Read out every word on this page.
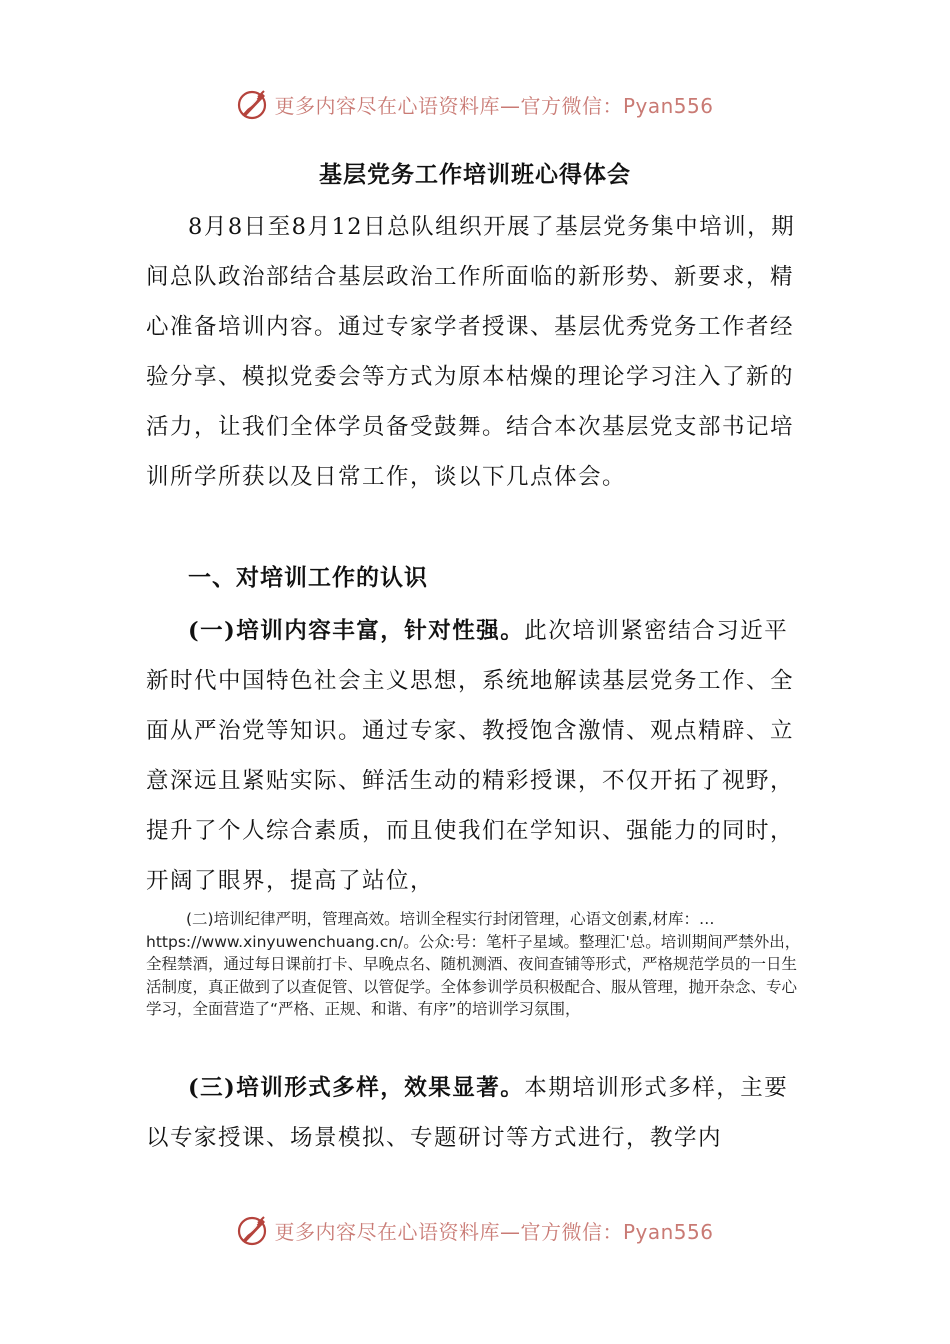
更多内容尽在心语资料库—官方微信：Pyan556
基层党务工作培训班心得体会

8月8日至8月12日总队组织开展了基层党务集中培训，期间总队政治部结合基层政治工作所面临的新形势、新要求，精心准备培训内容。通过专家学者授课、基层优秀党务工作者经验分享、模拟党委会等方式为原本枯燥的理论学习注入了新的活力，让我们全体学员备受鼓舞。结合本次基层党支部书记培训所学所获以及日常工作，谈以下几点体会。

一、对培训工作的认识

(一)培训内容丰富，针对性强。此次培训紧密结合习近平新时代中国特色社会主义思想，系统地解读基层党务工作、全面从严治党等知识。通过专家、教授饱含激情、观点精辟、立意深远且紧贴实际、鲜活生动的精彩授课，不仅开拓了视野，提升了个人综合素质，而且使我们在学知识、强能力的同时，开阔了眼界，提高了站位，

(二)培训纪律严明，管理高效。培训全程实行封闭管理，心语文创素,材库：…https://www.xinyuwenchuang.cn/。公众:号：笔杆子星域。整理汇'总。培训期间严禁外出，全程禁酒，通过每日课前打卡、早晚点名、随机测酒、夜间查铺等形式，严格规范学员的一日生活制度，真正做到了以查促管、以管促学。全体参训学员积极配合、服从管理，抛开杂念、专心学习，全面营造了“严格、正规、和谐、有序”的培训学习氛围，

(三)培训形式多样，效果显著。本期培训形式多样，主要以专家授课、场景模拟、专题研讨等方式进行，教学内

更多内容尽在心语资料库—官方微信：Pyan556
